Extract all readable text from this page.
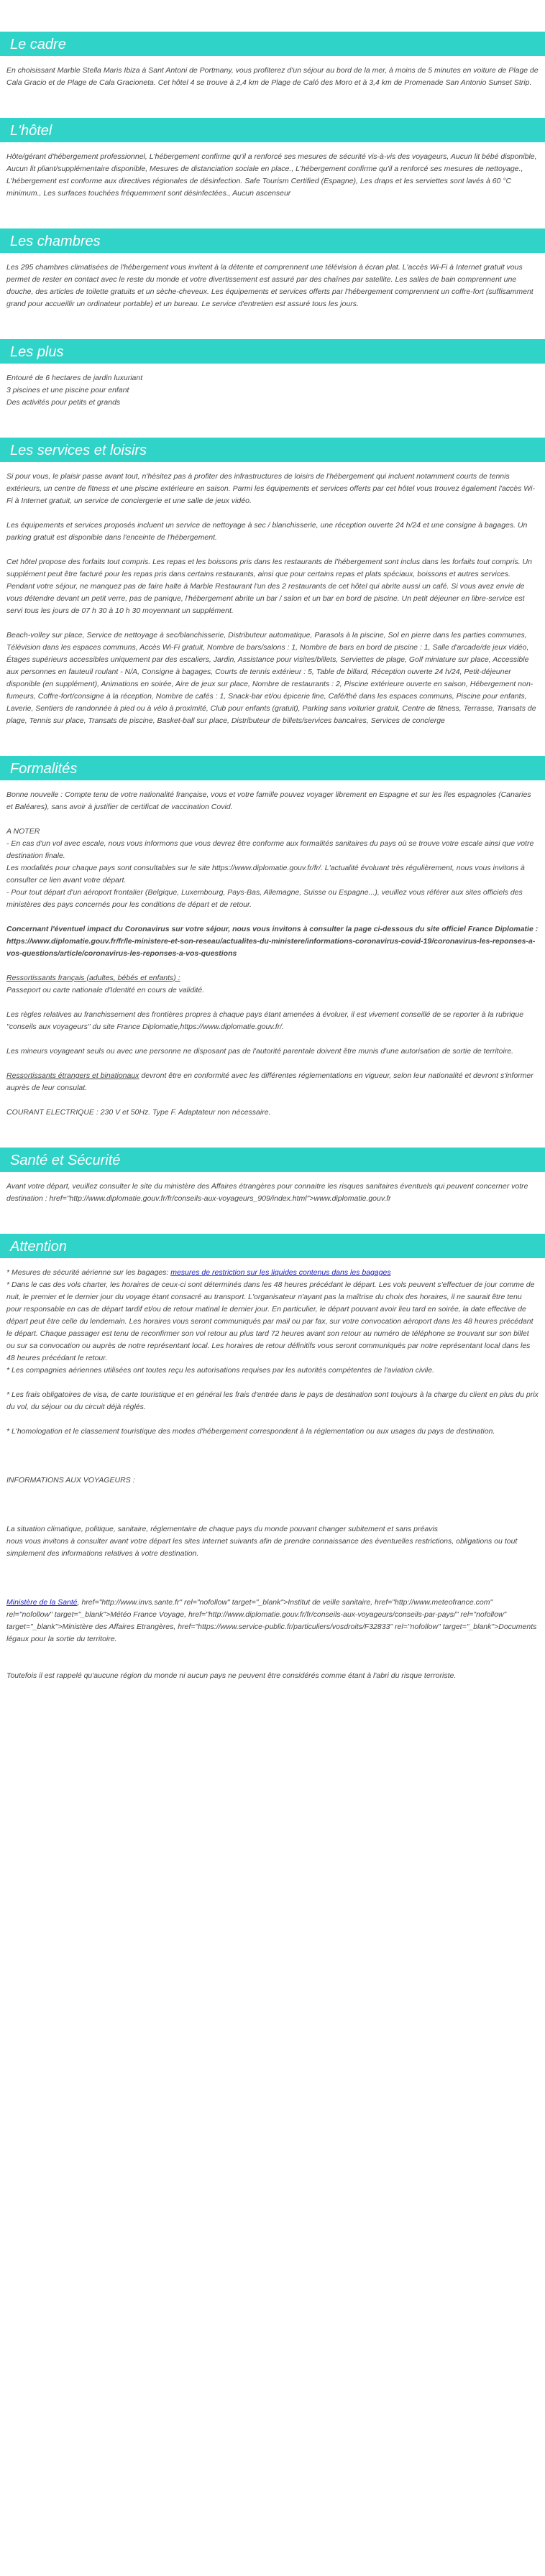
Le cadre

En choisissant Marble Stella Maris Ibiza à Sant Antoni de Portmany, vous profiterez d'un séjour au bord de la mer, à moins de 5 minutes en voiture de Plage de Cala Gracio et de Plage de Cala Gracioneta. Cet hôtel 4 se trouve à 2,4 km de Plage de Caló des Moro et à 3,4 km de Promenade San Antonio Sunset Strip.

L'hôtel

Hôte/gérant d'hébergement professionnel, L'hébergement confirme qu'il a renforcé ses mesures de sécurité vis-à-vis des voyageurs, Aucun lit bébé disponible, Aucun lit pliant/supplémentaire disponible, Mesures de distanciation sociale en place., L'hébergement confirme qu'il a renforcé ses mesures de nettoyage., L'hébergement est conforme aux directives régionales de désinfection. Safe Tourism Certified (Espagne), Les draps et les serviettes sont lavés à 60 °C minimum., Les surfaces touchées fréquemment sont désinfectées., Aucun ascenseur

Les chambres

Les 295 chambres climatisées de l'hébergement vous invitent à la détente et comprennent une télévision à écran plat. L'accès Wi-Fi à Internet gratuit vous permet de rester en contact avec le reste du monde et votre divertissement est assuré par des chaînes par satellite. Les salles de bain comprennent une douche, des articles de toilette gratuits et un sèche-cheveux. Les équipements et services offerts par l'hébergement comprennent un coffre-fort (suffisamment grand pour accueillir un ordinateur portable) et un bureau. Le service d'entretien est assuré tous les jours.

Les plus

Entouré de 6 hectares de jardin luxuriant

3 piscines et une piscine pour enfant

Des activités pour petits et grands

Les services et loisirs

Si pour vous, le plaisir passe avant tout, n'hésitez pas à profiter des infrastructures de loisirs de l'hébergement qui incluent notamment courts de tennis extérieurs, un centre de fitness et une piscine extérieure en saison. Parmi les équipements et services offerts par cet hôtel vous trouvez également l'accès Wi-Fi à Internet gratuit, un service de conciergerie et une salle de jeux vidéo.

Les équipements et services proposés incluent un service de nettoyage à sec / blanchisserie, une réception ouverte 24 h/24 et une consigne à bagages. Un parking gratuit est disponible dans l'enceinte de l'hébergement.

Cet hôtel propose des forfaits tout compris. Les repas et les boissons pris dans les restaurants de l'hébergement sont inclus dans les forfaits tout compris. Un supplément peut être facturé pour les repas pris dans certains restaurants, ainsi que pour certains repas et plats spéciaux, boissons et autres services. Pendant votre séjour, ne manquez pas de faire halte à Marble Restaurant l'un des 2 restaurants de cet hôtel qui abrite aussi un café. Si vous avez envie de vous détendre devant un petit verre, pas de panique, l'hébergement abrite un bar / salon et un bar en bord de piscine. Un petit déjeuner en libre-service est servi tous les jours de 07 h 30 à 10 h 30 moyennant un supplément.

Beach-volley sur place, Service de nettoyage à sec/blanchisserie, Distributeur automatique, Parasols à la piscine, Sol en pierre dans les parties communes, Télévision dans les espaces communs, Accès Wi-Fi gratuit, Nombre de bars/salons : 1, Nombre de bars en bord de piscine : 1, Salle d'arcade/de jeux vidéo, Étages supérieurs accessibles uniquement par des escaliers, Jardin, Assistance pour visites/billets, Serviettes de plage, Golf miniature sur place, Accessible aux personnes en fauteuil roulant - N/A, Consigne à bagages, Courts de tennis extérieur : 5, Table de billard, Réception ouverte 24 h/24, Petit-déjeuner disponible (en supplément), Animations en soirée, Aire de jeux sur place, Nombre de restaurants : 2, Piscine extérieure ouverte en saison, Hébergement non-fumeurs, Coffre-fort/consigne à la réception, Nombre de cafés : 1, Snack-bar et/ou épicerie fine, Café/thé dans les espaces communs, Piscine pour enfants, Laverie, Sentiers de randonnée à pied ou à vélo à proximité, Club pour enfants (gratuit), Parking sans voiturier gratuit, Centre de fitness, Terrasse, Transats de plage, Tennis sur place, Transats de piscine, Basket-ball sur place, Distributeur de billets/services bancaires, Services de concierge

Formalités

Bonne nouvelle : Compte tenu de votre nationalité française, vous et votre famille pouvez voyager librement en Espagne et sur les îles espagnoles (Canaries et Baléares), sans avoir à justifier de certificat de vaccination Covid.

A NOTER

- En cas d'un vol avec escale, nous vous informons que vous devrez être conforme aux formalités sanitaires du pays où se trouve votre escale ainsi que votre destination finale.

Les modalités pour chaque pays sont consultables sur le site https://www.diplomatie.gouv.fr/fr/. L'actualité évoluant très régulièrement, nous vous invitons à consulter ce lien avant votre départ.

- Pour tout départ d'un aéroport frontalier (Belgique, Luxembourg, Pays-Bas, Allemagne, Suisse ou Espagne...), veuillez vous référer aux sites officiels des ministères des pays concernés pour les conditions de départ et de retour.

Concernant l'éventuel impact du Coronavirus sur votre séjour, nous vous invitons à consulter la page ci-dessous du site officiel France Diplomatie :

https://www.diplomatie.gouv.fr/fr/le-ministere-et-son-reseau/actualites-du-ministere/informations-coronavirus-covid-19/coronavirus-les-reponses-a-vos-questions/article/coronavirus-les-reponses-a-vos-questions

Ressortissants français (adultes, bébés et enfants) :

Passeport ou carte nationale d'Identité en cours de validité.

Les règles relatives au franchissement des frontières propres à chaque pays étant amenées à évoluer, il est vivement conseillé de se reporter à la rubrique "conseils aux voyageurs" du site France Diplomatie,https://www.diplomatie.gouv.fr/.

Les mineurs voyageant seuls ou avec une personne ne disposant pas de l'autorité parentale doivent être munis d'une autorisation de sortie de territoire.

Ressortissants étrangers et binationaux devront être en conformité avec les différentes réglementations en vigueur, selon leur nationalité et devront s'informer auprès de leur consulat.

COURANT ELECTRIQUE : 230 V et 50Hz. Type F. Adaptateur non nécessaire.

Santé et Sécurité

Avant votre départ, veuillez consulter le site du ministère des Affaires étrangères pour connaitre les risques sanitaires éventuels qui peuvent concerner votre destination : href="http://www.diplomatie.gouv.fr/fr/conseils-aux-voyageurs_909/index.html">www.diplomatie.gouv.fr

Attention

* Mesures de sécurité aérienne sur les bagages: mesures de restriction sur les liquides contenus dans les bagages

* Dans le cas des vols charter, les horaires de ceux-ci sont déterminés dans les 48 heures précédant le départ. Les vols peuvent s'effectuer de jour comme de nuit, le premier et le dernier jour du voyage étant consacré au transport. L'organisateur n'ayant pas la maîtrise du choix des horaires, il ne saurait être tenu pour responsable en cas de départ tardif et/ou de retour matinal le dernier jour. En particulier, le départ pouvant avoir lieu tard en soirée, la date effective de départ peut être celle du lendemain. Les horaires vous seront communiqués par mail ou par fax, sur votre convocation aéroport dans les 48 heures précédant le départ. Chaque passager est tenu de reconfirmer son vol retour au plus tard 72 heures avant son retour au numéro de téléphone se trouvant sur son billet ou sur sa convocation ou auprès de notre représentant local. Les horaires de retour définitifs vous seront communiqués par notre représentant local dans les 48 heures précédant le retour.

* Les compagnies aériennes utilisées ont toutes reçu les autorisations requises par les autorités compétentes de l'aviation civile.

* Les frais obligatoires de visa, de carte touristique et en général les frais d'entrée dans le pays de destination sont toujours à la charge du client en plus du prix du vol, du séjour ou du circuit déjà réglés.

* L'homologation et le classement touristique des modes d'hébergement correspondent à la réglementation ou aux usages du pays de destination.

INFORMATIONS AUX VOYAGEURS :

La situation climatique, politique, sanitaire, réglementaire de chaque pays du monde pouvant changer subitement et sans préavis

nous vous invitons à consulter avant votre départ les sites Internet suivants afin de prendre connaissance des éventuelles restrictions, obligations ou tout simplement des informations relatives à votre destination.

Ministère de la Santé, href="http://www.invs.sante.fr" rel="nofollow" target="_blank">Institut de veille sanitaire, href="http://www.meteofrance.com" rel="nofollow" target="_blank">Météo France Voyage, href="http://www.diplomatie.gouv.fr/fr/conseils-aux-voyageurs/conseils-par-pays/" rel="nofollow" target="_blank">Ministère des Affaires Etrangères, href="https://www.service-public.fr/particuliers/vosdroits/F32833" rel="nofollow" target="_blank">Documents légaux pour la sortie du territoire.

Toutefois il est rappelé qu'aucune région du monde ni aucun pays ne peuvent être considérés comme étant à l'abri du risque terroriste.
